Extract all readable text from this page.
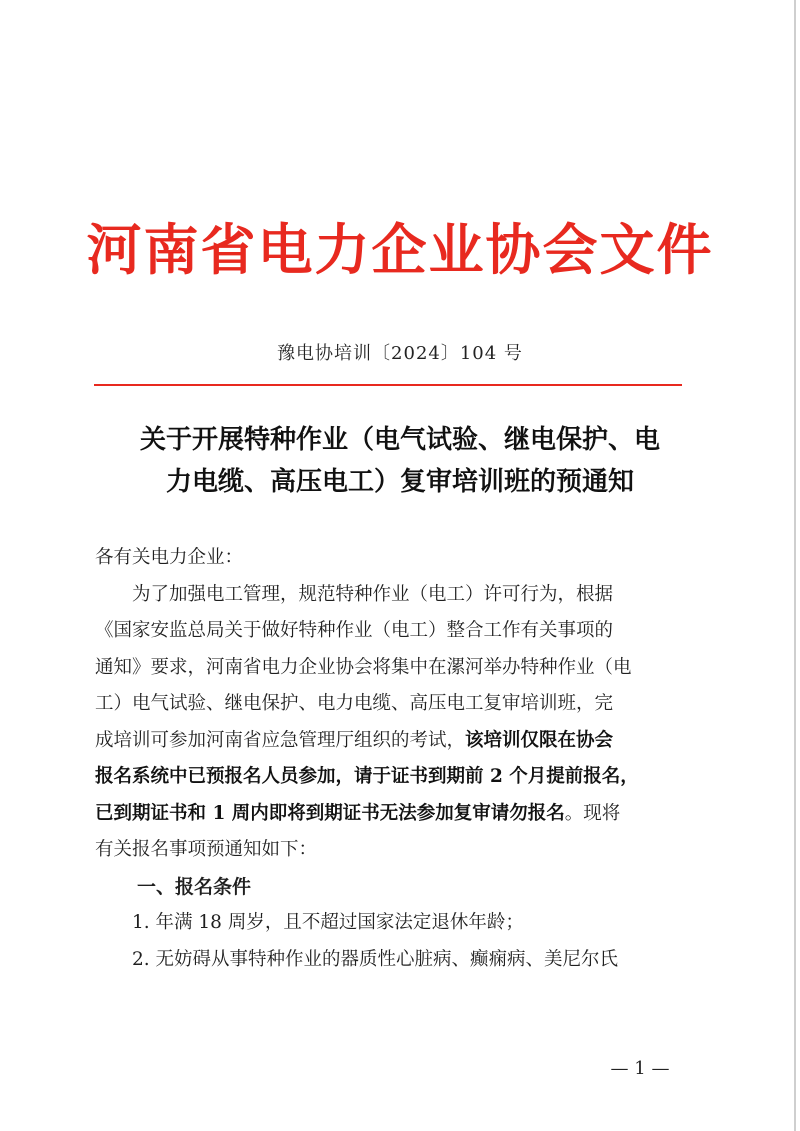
河南省电力企业协会文件
豫电协培训〔2024〕104 号
关于开展特种作业（电气试验、继电保护、电
力电缆、高压电工）复审培训班的预通知

各有关电力企业：

为了加强电工管理，规范特种作业（电工）许可行为，根据

《国家安监总局关于做好特种作业（电工）整合工作有关事项的

通知》要求，河南省电力企业协会将集中在漯河举办特种作业（电

工）电气试验、继电保护、电力电缆、高压电工复审培训班，完

成培训可参加河南省应急管理厅组织的考试，该培训仅限在协会

报名系统中已预报名人员参加，请于证书到期前 2 个月提前报名，

已到期证书和 1 周内即将到期证书无法参加复审请勿报名。现将

有关报名事项预通知如下：

一、报名条件

1. 年满 18 周岁，且不超过国家法定退休年龄；

2. 无妨碍从事特种作业的器质性心脏病、癫痫病、美尼尔氏

— 1 —
